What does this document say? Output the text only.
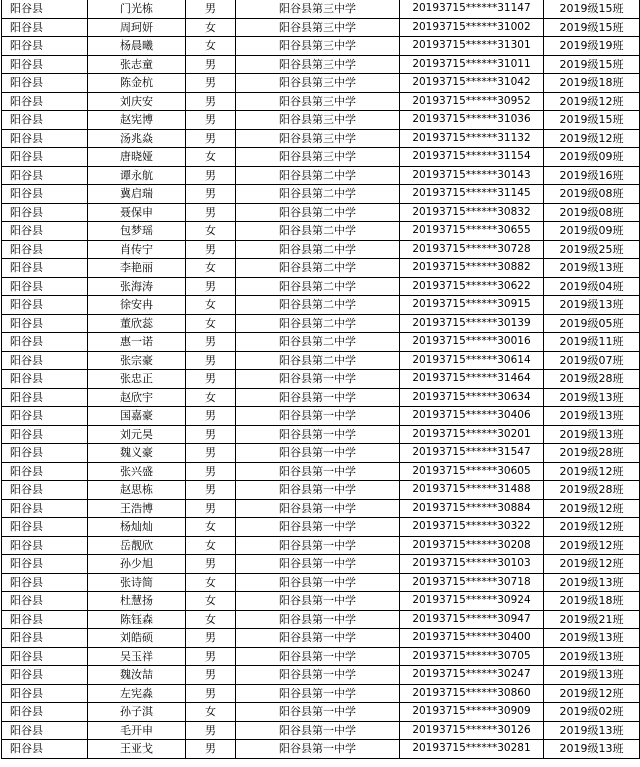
阳谷县	门光栋	男	阳谷县第三中学	20193715******31147	2019级15班
阳谷县	周珂妍	女	阳谷县第三中学	20193715******31002	2019级15班
阳谷县	杨晨曦	女	阳谷县第三中学	20193715******31301	2019级19班
阳谷县	张志童	男	阳谷县第三中学	20193715******31011	2019级15班
阳谷县	陈金杭	男	阳谷县第三中学	20193715******31042	2019级18班
阳谷县	刘庆安	男	阳谷县第三中学	20193715******30952	2019级12班
阳谷县	赵宪博	男	阳谷县第三中学	20193715******31036	2019级15班
阳谷县	汤兆焱	男	阳谷县第三中学	20193715******31132	2019级12班
阳谷县	唐晓娅	女	阳谷县第三中学	20193715******31154	2019级09班
阳谷县	谭永航	男	阳谷县第二中学	20193715******30143	2019级16班
阳谷县	冀启瑞	男	阳谷县第二中学	20193715******31145	2019级08班
阳谷县	聂保申	男	阳谷县第二中学	20193715******30832	2019级08班
阳谷县	包梦瑶	女	阳谷县第二中学	20193715******30655	2019级09班
阳谷县	肖传宁	男	阳谷县第二中学	20193715******30728	2019级25班
阳谷县	李艳丽	女	阳谷县第二中学	20193715******30882	2019级13班
阳谷县	张海涛	男	阳谷县第二中学	20193715******30622	2019级04班
阳谷县	徐安冉	女	阳谷县第二中学	20193715******30915	2019级13班
阳谷县	董欣蕊	女	阳谷县第二中学	20193715******30139	2019级05班
阳谷县	惠一诺	男	阳谷县第二中学	20193715******30016	2019级11班
阳谷县	张宗豪	男	阳谷县第二中学	20193715******30614	2019级07班
阳谷县	张忠正	男	阳谷县第一中学	20193715******31464	2019级28班
阳谷县	赵欣宇	女	阳谷县第一中学	20193715******30634	2019级13班
阳谷县	国嘉豪	男	阳谷县第一中学	20193715******30406	2019级13班
阳谷县	刘元昊	男	阳谷县第一中学	20193715******30201	2019级13班
阳谷县	魏义豪	男	阳谷县第一中学	20193715******31547	2019级28班
阳谷县	张兴盛	男	阳谷县第一中学	20193715******30605	2019级12班
阳谷县	赵思栋	男	阳谷县第一中学	20193715******31488	2019级28班
阳谷县	王浩博	男	阳谷县第一中学	20193715******30884	2019级12班
阳谷县	杨灿灿	女	阳谷县第一中学	20193715******30322	2019级12班
阳谷县	岳靓欣	女	阳谷县第一中学	20193715******30208	2019级12班
阳谷县	孙少旭	男	阳谷县第一中学	20193715******30103	2019级12班
阳谷县	张诗简	女	阳谷县第一中学	20193715******30718	2019级13班
阳谷县	杜慧扬	女	阳谷县第一中学	20193715******30924	2019级18班
阳谷县	陈钰森	女	阳谷县第一中学	20193715******30947	2019级21班
阳谷县	刘皓硕	男	阳谷县第一中学	20193715******30400	2019级13班
阳谷县	吴玉祥	男	阳谷县第一中学	20193715******30705	2019级13班
阳谷县	魏汝喆	男	阳谷县第一中学	20193715******30247	2019级13班
阳谷县	左宪淼	男	阳谷县第一中学	20193715******30860	2019级12班
阳谷县	孙子淇	女	阳谷县第一中学	20193715******30909	2019级02班
阳谷县	毛开申	男	阳谷县第一中学	20193715******30126	2019级13班
阳谷县	王亚戈	男	阳谷县第一中学	20193715******30281	2019级13班
